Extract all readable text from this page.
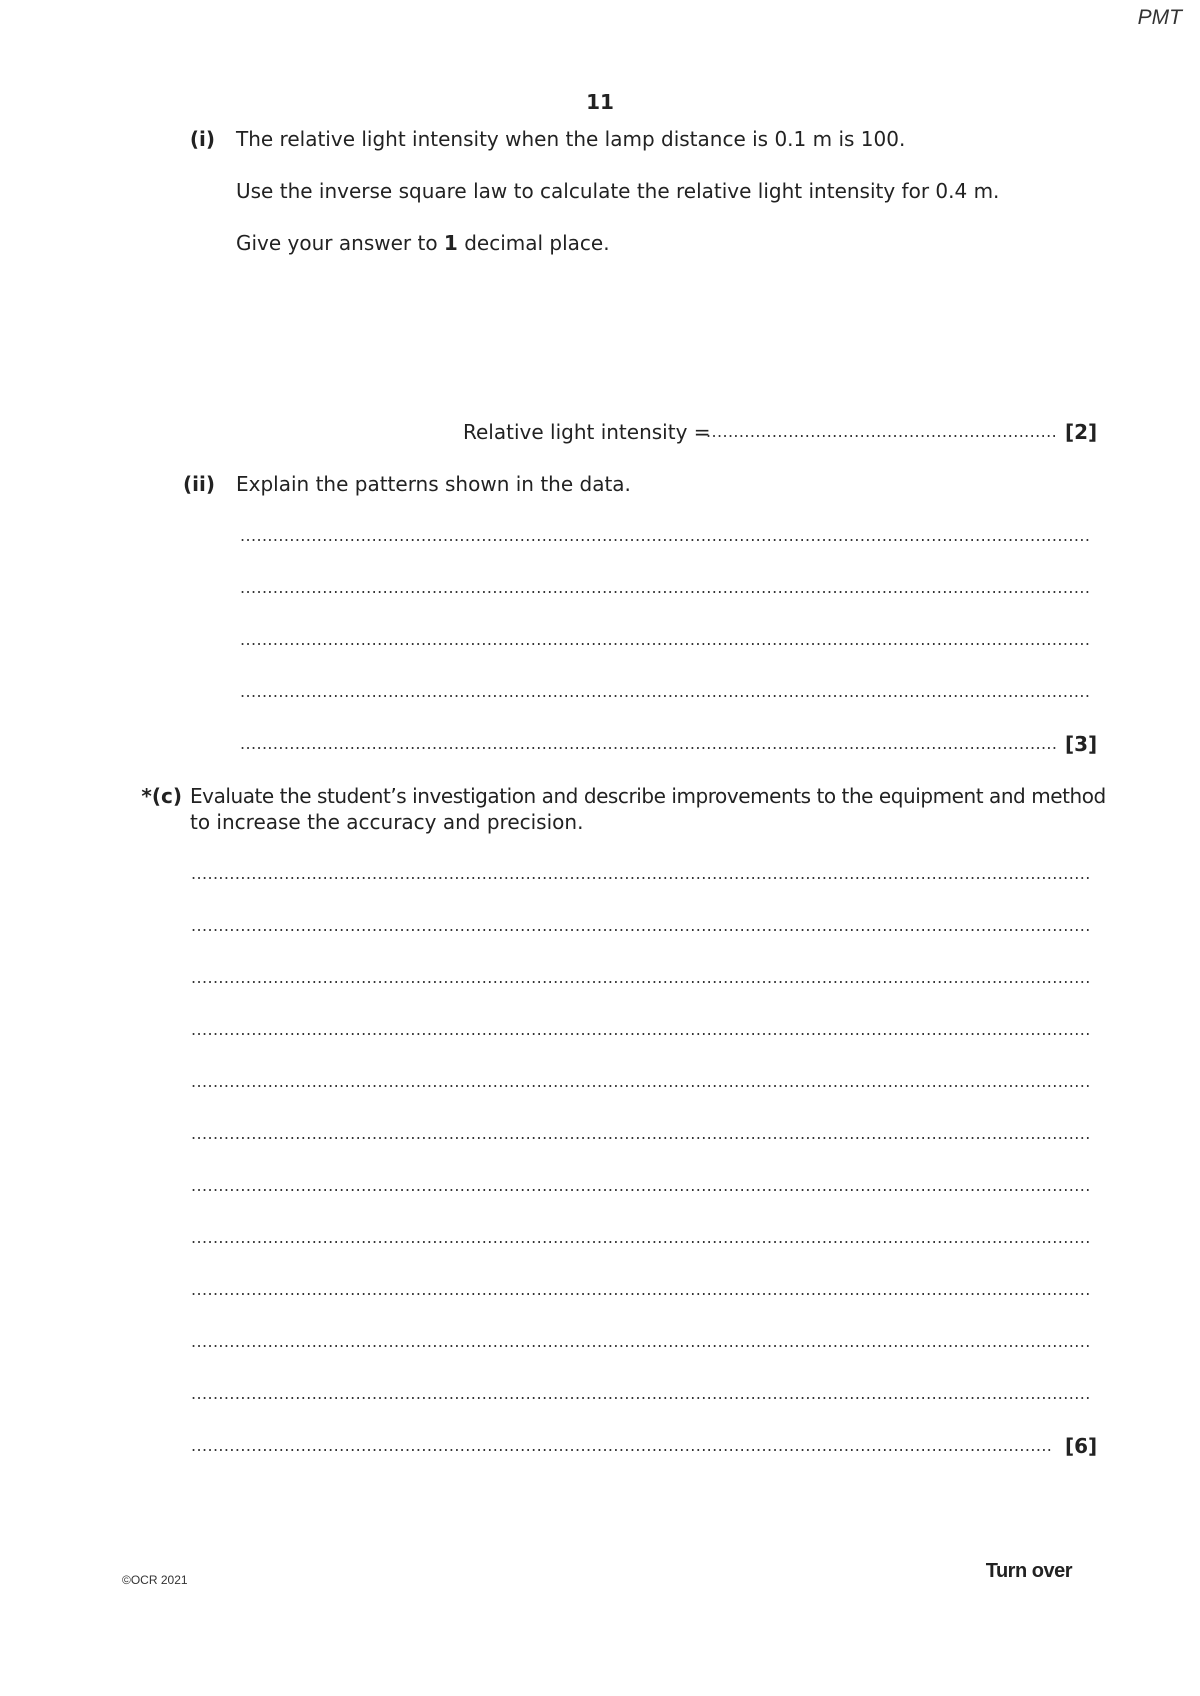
PMT
11
(i) The relative light intensity when the lamp distance is 0.1 m is 100.
Use the inverse square law to calculate the relative light intensity for 0.4 m.
Give your answer to 1 decimal place.
Relative light intensity =
.....	[2]
(ii) Explain the patterns shown in the data.
.....
.....
.....
.....
.....
[3]
*(c) Evaluate the student’s investigation and describe improvements to the equipment and method
to increase the accuracy and precision.
.....
.....
.....
.....
.....
.....
.....
.....
.....
.....
.....
.....
[6]
©OCR 2021	Turn over
